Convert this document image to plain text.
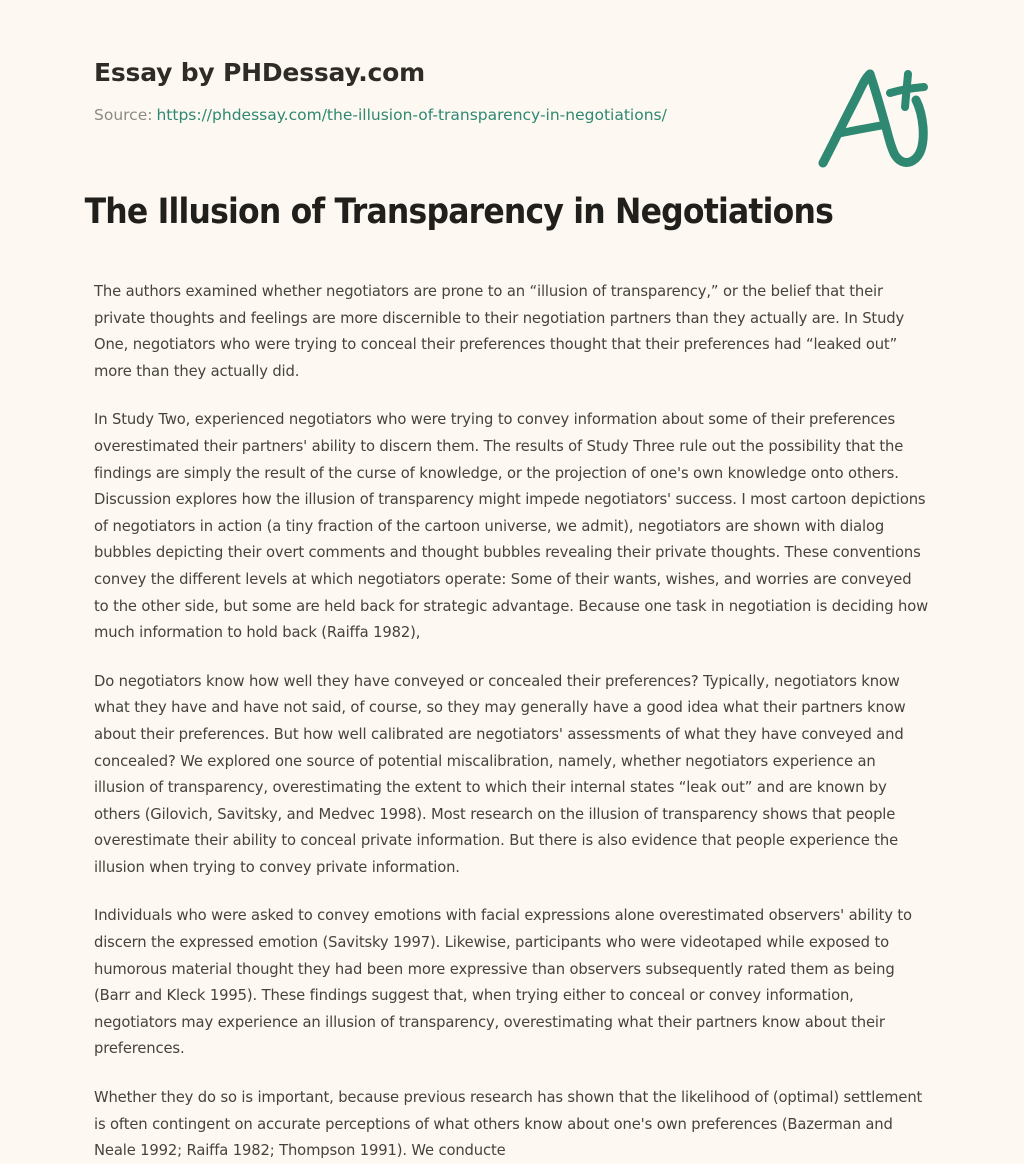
Essay by PHDessay.com
Source: https://phdessay.com/the-illusion-of-transparency-in-negotiations/
The Illusion of Transparency in Negotiations

The authors examined whether negotiators are prone to an “illusion of transparency,” or the belief that their private thoughts and feelings are more discernible to their negotiation partners than they actually are. In Study One, negotiators who were trying to conceal their preferences thought that their preferences had “leaked out” more than they actually did.

In Study Two, experienced negotiators who were trying to convey information about some of their preferences overestimated their partners' ability to discern them. The results of Study Three rule out the possibility that the findings are simply the result of the curse of knowledge, or the projection of one's own knowledge onto others. Discussion explores how the illusion of transparency might impede negotiators' success. I most cartoon depictions of negotiators in action (a tiny fraction of the cartoon universe, we admit), negotiators are shown with dialog bubbles depicting their overt comments and thought bubbles revealing their private thoughts. These conventions convey the different levels at which negotiators operate: Some of their wants, wishes, and worries are conveyed to the other side, but some are held back for strategic advantage. Because one task in negotiation is deciding how much information to hold back (Raiffa 1982),

Do negotiators know how well they have conveyed or concealed their preferences? Typically, negotiators know what they have and have not said, of course, so they may generally have a good idea what their partners know about their preferences. But how well calibrated are negotiators' assessments of what they have conveyed and concealed? We explored one source of potential miscalibration, namely, whether negotiators experience an illusion of transparency, overestimating the extent to which their internal states “leak out” and are known by others (Gilovich, Savitsky, and Medvec 1998). Most research on the illusion of transparency shows that people overestimate their ability to conceal private information. But there is also evidence that people experience the illusion when trying to convey private information.

Individuals who were asked to convey emotions with facial expressions alone overestimated observers' ability to discern the expressed emotion (Savitsky 1997). Likewise, participants who were videotaped while exposed to humorous material thought they had been more expressive than observers subsequently rated them as being (Barr and Kleck 1995). These findings suggest that, when trying either to conceal or convey information, negotiators may experience an illusion of transparency, overestimating what their partners know about their preferences.

Whether they do so is important, because previous research has shown that the likelihood of (optimal) settlement is often contingent on accurate perceptions of what others know about one's own preferences (Bazerman and Neale 1992; Raiffa 1982; Thompson 1991). We conducte
